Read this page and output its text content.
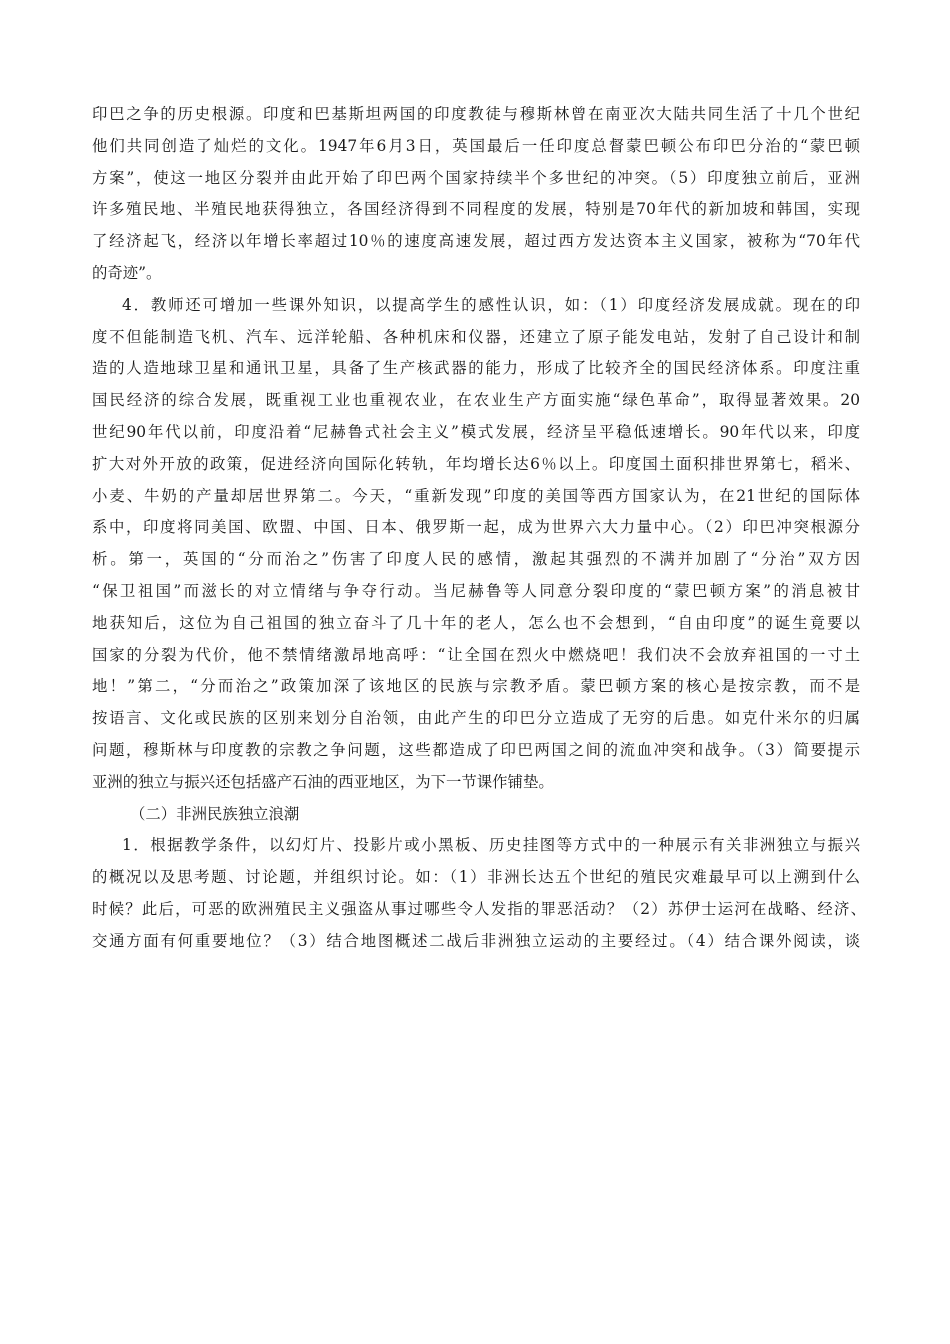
印巴之争的历史根源。印度和巴基斯坦两国的印度教徒与穆斯林曾在南亚次大陆共同生活了十几个世纪
他们共同创造了灿烂的文化。1947年6月3日，英国最后一任印度总督蒙巴顿公布印巴分治的“蒙巴顿
方案”，使这一地区分裂并由此开始了印巴两个国家持续半个多世纪的冲突。（5）印度独立前后，亚洲
许多殖民地、半殖民地获得独立，各国经济得到不同程度的发展，特别是70年代的新加坡和韩国，实现
了经济起飞，经济以年增长率超过10％的速度高速发展，超过西方发达资本主义国家，被称为“70年代
的奇迹”。
4．教师还可增加一些课外知识，以提高学生的感性认识，如：（1）印度经济发展成就。现在的印
度不但能制造飞机、汽车、远洋轮船、各种机床和仪器，还建立了原子能发电站，发射了自己设计和制
造的人造地球卫星和通讯卫星，具备了生产核武器的能力，形成了比较齐全的国民经济体系。印度注重
国民经济的综合发展，既重视工业也重视农业，在农业生产方面实施“绿色革命”，取得显著效果。20
世纪90年代以前，印度沿着“尼赫鲁式社会主义”模式发展，经济呈平稳低速增长。90年代以来，印度
扩大对外开放的政策，促进经济向国际化转轨，年均增长达6％以上。印度国土面积排世界第七，稻米、
小麦、牛奶的产量却居世界第二。今天，“重新发现”印度的美国等西方国家认为，在21世纪的国际体
系中，印度将同美国、欧盟、中国、日本、俄罗斯一起，成为世界六大力量中心。（2）印巴冲突根源分
析。第一，英国的“分而治之”伤害了印度人民的感情，激起其强烈的不满并加剧了“分治”双方因
“保卫祖国”而滋长的对立情绪与争夺行动。当尼赫鲁等人同意分裂印度的“蒙巴顿方案”的消息被甘
地获知后，这位为自己祖国的独立奋斗了几十年的老人，怎么也不会想到，“自由印度”的诞生竟要以
国家的分裂为代价，他不禁情绪激昂地高呼：“让全国在烈火中燃烧吧！我们决不会放弃祖国的一寸土
地！”第二，“分而治之”政策加深了该地区的民族与宗教矛盾。蒙巴顿方案的核心是按宗教，而不是
按语言、文化或民族的区别来划分自治领，由此产生的印巴分立造成了无穷的后患。如克什米尔的归属
问题，穆斯林与印度教的宗教之争问题，这些都造成了印巴两国之间的流血冲突和战争。（3）简要提示
亚洲的独立与振兴还包括盛产石油的西亚地区，为下一节课作铺垫。
（二）非洲民族独立浪潮
1．根据教学条件，以幻灯片、投影片或小黑板、历史挂图等方式中的一种展示有关非洲独立与振兴
的概况以及思考题、讨论题，并组织讨论。如：（1）非洲长达五个世纪的殖民灾难最早可以上溯到什么
时候？此后，可恶的欧洲殖民主义强盗从事过哪些令人发指的罪恶活动？（2）苏伊士运河在战略、经济、
交通方面有何重要地位？（3）结合地图概述二战后非洲独立运动的主要经过。（4）结合课外阅读，谈
